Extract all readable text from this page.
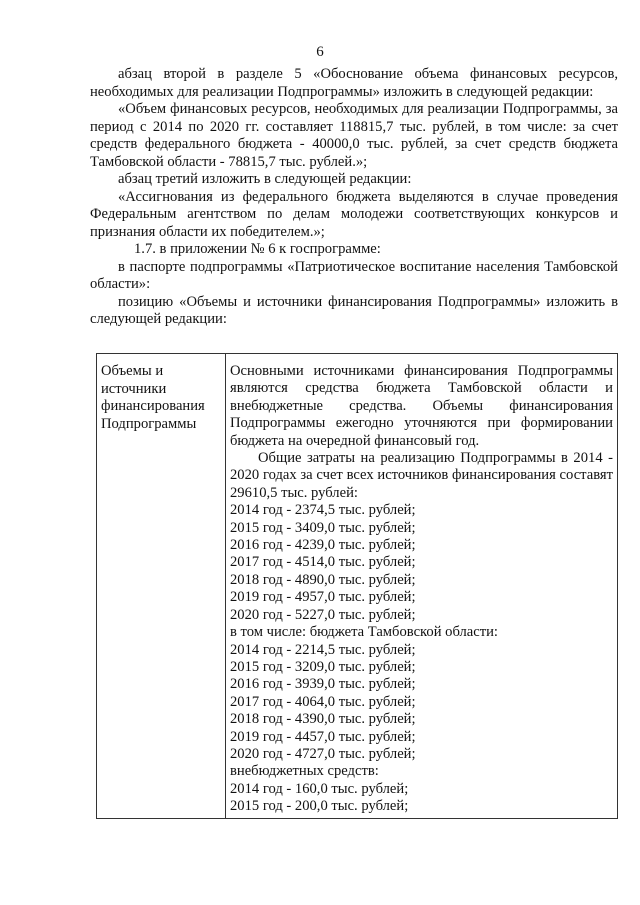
6

абзац второй в разделе 5 «Обоснование объема финансовых ресурсов, необходимых для реализации Подпрограммы» изложить в следующей редакции:

«Объем финансовых ресурсов, необходимых для реализации Подпрограммы, за период с 2014 по 2020 гг. составляет 118815,7 тыс. рублей, в том числе: за счет средств федерального бюджета - 40000,0 тыс. рублей, за счет средств бюджета Тамбовской области - 78815,7 тыс. рублей.»;

абзац третий изложить в следующей редакции:

«Ассигнования из федерального бюджета выделяются в случае проведения Федеральным агентством по делам молодежи соответствующих конкурсов и признания области их победителем.»;

1.7. в приложении № 6 к госпрограмме:

в паспорте подпрограммы «Патриотическое воспитание населения Тамбовской области»:

позицию «Объемы и источники финансирования Подпрограммы» изложить в следующей редакции:

Объемы и источники финансирования Подпрограммы

Основными источниками финансирования Подпрограммы являются средства бюджета Тамбовской области и внебюджетные средства. Объемы финансирования Подпрограммы ежегодно уточняются при формировании бюджета на очередной финансовый год.

Общие затраты на реализацию Подпрограммы в 2014 - 2020 годах за счет всех источников финансирования составят 29610,5 тыс. рублей:

2014 год - 2374,5 тыс. рублей;
2015 год - 3409,0 тыс. рублей;
2016 год - 4239,0 тыс. рублей;
2017 год - 4514,0 тыс. рублей;
2018 год - 4890,0 тыс. рублей;
2019 год - 4957,0 тыс. рублей;
2020 год - 5227,0 тыс. рублей;
в том числе: бюджета Тамбовской области:
2014 год - 2214,5 тыс. рублей;
2015 год - 3209,0 тыс. рублей;
2016 год - 3939,0 тыс. рублей;
2017 год - 4064,0 тыс. рублей;
2018 год - 4390,0 тыс. рублей;
2019 год - 4457,0 тыс. рублей;
2020 год - 4727,0 тыс. рублей;
внебюджетных средств:
2014 год - 160,0 тыс. рублей;
2015 год - 200,0 тыс. рублей;
